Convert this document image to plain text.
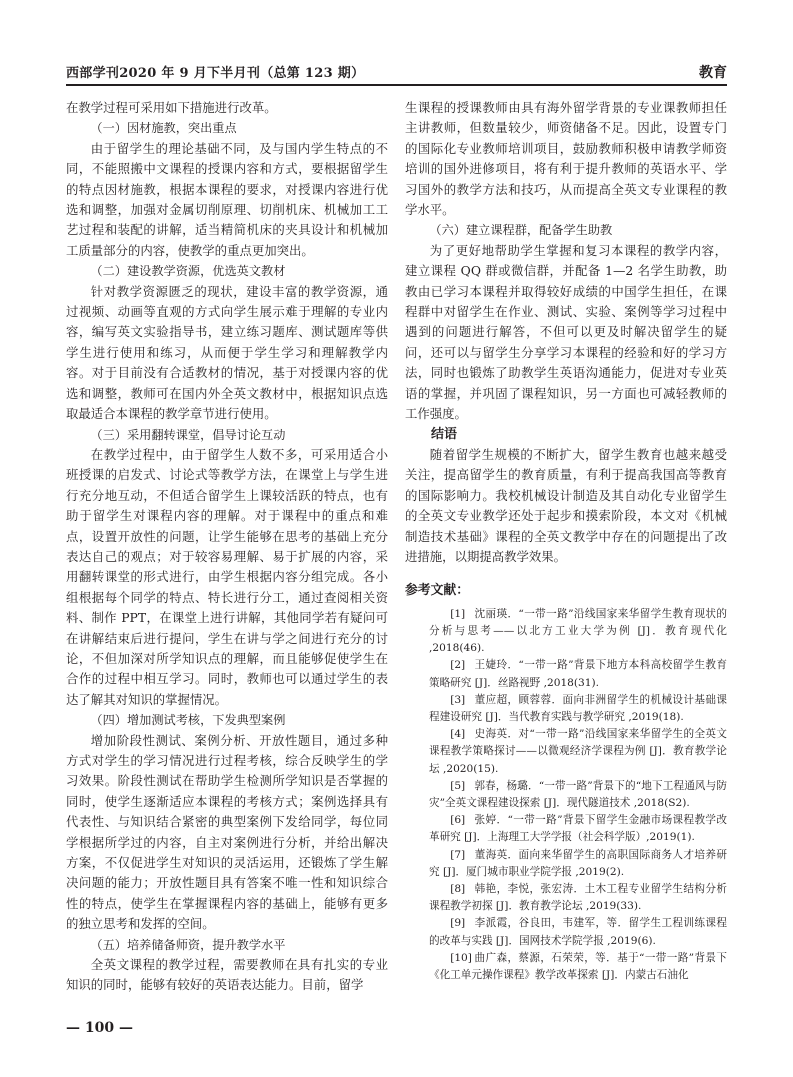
西部学刊2020 年 9 月下半月刊（总第 123 期）	教育

在教学过程可采用如下措施进行改革。

（一）因材施教，突出重点

由于留学生的理论基础不同，及与国内学生特点的不同，不能照搬中文课程的授课内容和方式，要根据留学生的特点因材施教，根据本课程的要求，对授课内容进行优选和调整，加强对金属切削原理、切削机床、机械加工工艺过程和装配的讲解，适当精简机床的夹具设计和机械加工质量部分的内容，使教学的重点更加突出。

（二）建设教学资源，优选英文教材

针对教学资源匮乏的现状，建设丰富的教学资源，通过视频、动画等直观的方式向学生展示难于理解的专业内容，编写英文实验指导书，建立练习题库、测试题库等供学生进行使用和练习，从而便于学生学习和理解教学内容。对于目前没有合适教材的情况，基于对授课内容的优选和调整，教师可在国内外全英文教材中，根据知识点选取最适合本课程的教学章节进行使用。

（三）采用翻转课堂，倡导讨论互动

在教学过程中，由于留学生人数不多，可采用适合小班授课的启发式、讨论式等教学方法，在课堂上与学生进行充分地互动，不但适合留学生上课较活跃的特点，也有助于留学生对课程内容的理解。对于课程中的重点和难点，设置开放性的问题，让学生能够在思考的基础上充分表达自己的观点；对于较容易理解、易于扩展的内容，采用翻转课堂的形式进行，由学生根据内容分组完成。各小组根据每个同学的特点、特长进行分工，通过查阅相关资料、制作 PPT，在课堂上进行讲解，其他同学若有疑问可在讲解结束后进行提问，学生在讲与学之间进行充分的讨论，不但加深对所学知识点的理解，而且能够促使学生在合作的过程中相互学习。同时，教师也可以通过学生的表达了解其对知识的掌握情况。

（四）增加测试考核，下发典型案例

增加阶段性测试、案例分析、开放性题目，通过多种方式对学生的学习情况进行过程考核，综合反映学生的学习效果。阶段性测试在帮助学生检测所学知识是否掌握的同时，使学生逐渐适应本课程的考核方式；案例选择具有代表性、与知识结合紧密的典型案例下发给同学，每位同学根据所学过的内容，自主对案例进行分析，并给出解决方案，不仅促进学生对知识的灵活运用，还锻炼了学生解决问题的能力；开放性题目具有答案不唯一性和知识综合性的特点，使学生在掌握课程内容的基础上，能够有更多的独立思考和发挥的空间。

（五）培养储备师资，提升教学水平

全英文课程的教学过程，需要教师在具有扎实的专业知识的同时，能够有较好的英语表达能力。目前，留学

生课程的授课教师由具有海外留学背景的专业课教师担任主讲教师，但数量较少，师资储备不足。因此，设置专门的国际化专业教师培训项目，鼓励教师积极申请教学师资培训的国外进修项目，将有利于提升教师的英语水平、学习国外的教学方法和技巧，从而提高全英文专业课程的教学水平。

（六）建立课程群，配备学生助教

为了更好地帮助学生掌握和复习本课程的教学内容，建立课程 QQ 群或微信群，并配备 1—2 名学生助教，助教由已学习本课程并取得较好成绩的中国学生担任，在课程群中对留学生在作业、测试、实验、案例等学习过程中遇到的问题进行解答，不但可以更及时解决留学生的疑问，还可以与留学生分享学习本课程的经验和好的学习方法，同时也锻炼了助教学生英语沟通能力，促进对专业英语的掌握，并巩固了课程知识，另一方面也可减轻教师的工作强度。

结语

随着留学生规模的不断扩大，留学生教育也越来越受关注，提高留学生的教育质量，有利于提高我国高等教育的国际影响力。我校机械设计制造及其自动化专业留学生的全英文专业教学还处于起步和摸索阶段，本文对《机械制造技术基础》课程的全英文教学中存在的问题提出了改进措施，以期提高教学效果。

参考文献：

[1] 沈丽瑛．“一带一路”沿线国家来华留学生教育现状的分析与思考——以北方工业大学为例 [J]．教育现代化 ,2018(46).

[2] 王婕玲．“一带一路”背景下地方本科高校留学生教育策略研究 [J]．丝路视野 ,2018(31).

[3] 董应超，顾蓉蓉．面向非洲留学生的机械设计基础课程建设研究 [J]．当代教育实践与教学研究 ,2019(18).

[4] 史海英．对“一带一路”沿线国家来华留学生的全英文课程教学策略探讨——以微观经济学课程为例 [J]．教育教学论坛 ,2020(15).

[5] 郭春，杨璐．“一带一路”背景下的“地下工程通风与防灾”全英文课程建设探索 [J]．现代隧道技术 ,2018(S2).

[6] 张婷．“一带一路”背景下留学生金融市场课程教学改革研究 [J]．上海理工大学学报（社会科学版）,2019(1).

[7] 董海英．面向来华留学生的高职国际商务人才培养研究 [J]．厦门城市职业学院学报 ,2019(2).

[8] 韩艳，李悦，张宏涛．土木工程专业留学生结构分析课程教学初探 [J]．教育教学论坛 ,2019(33).

[9] 李派霞，谷良田，韦建军，等．留学生工程训练课程的改革与实践 [J]．国网技术学院学报 ,2019(6).

[10] 曲广森，蔡源，石荣荣，等．基于“一带一路”背景下《化工单元操作课程》教学改革探索 [J]．内蒙古石油化

— 100 —
